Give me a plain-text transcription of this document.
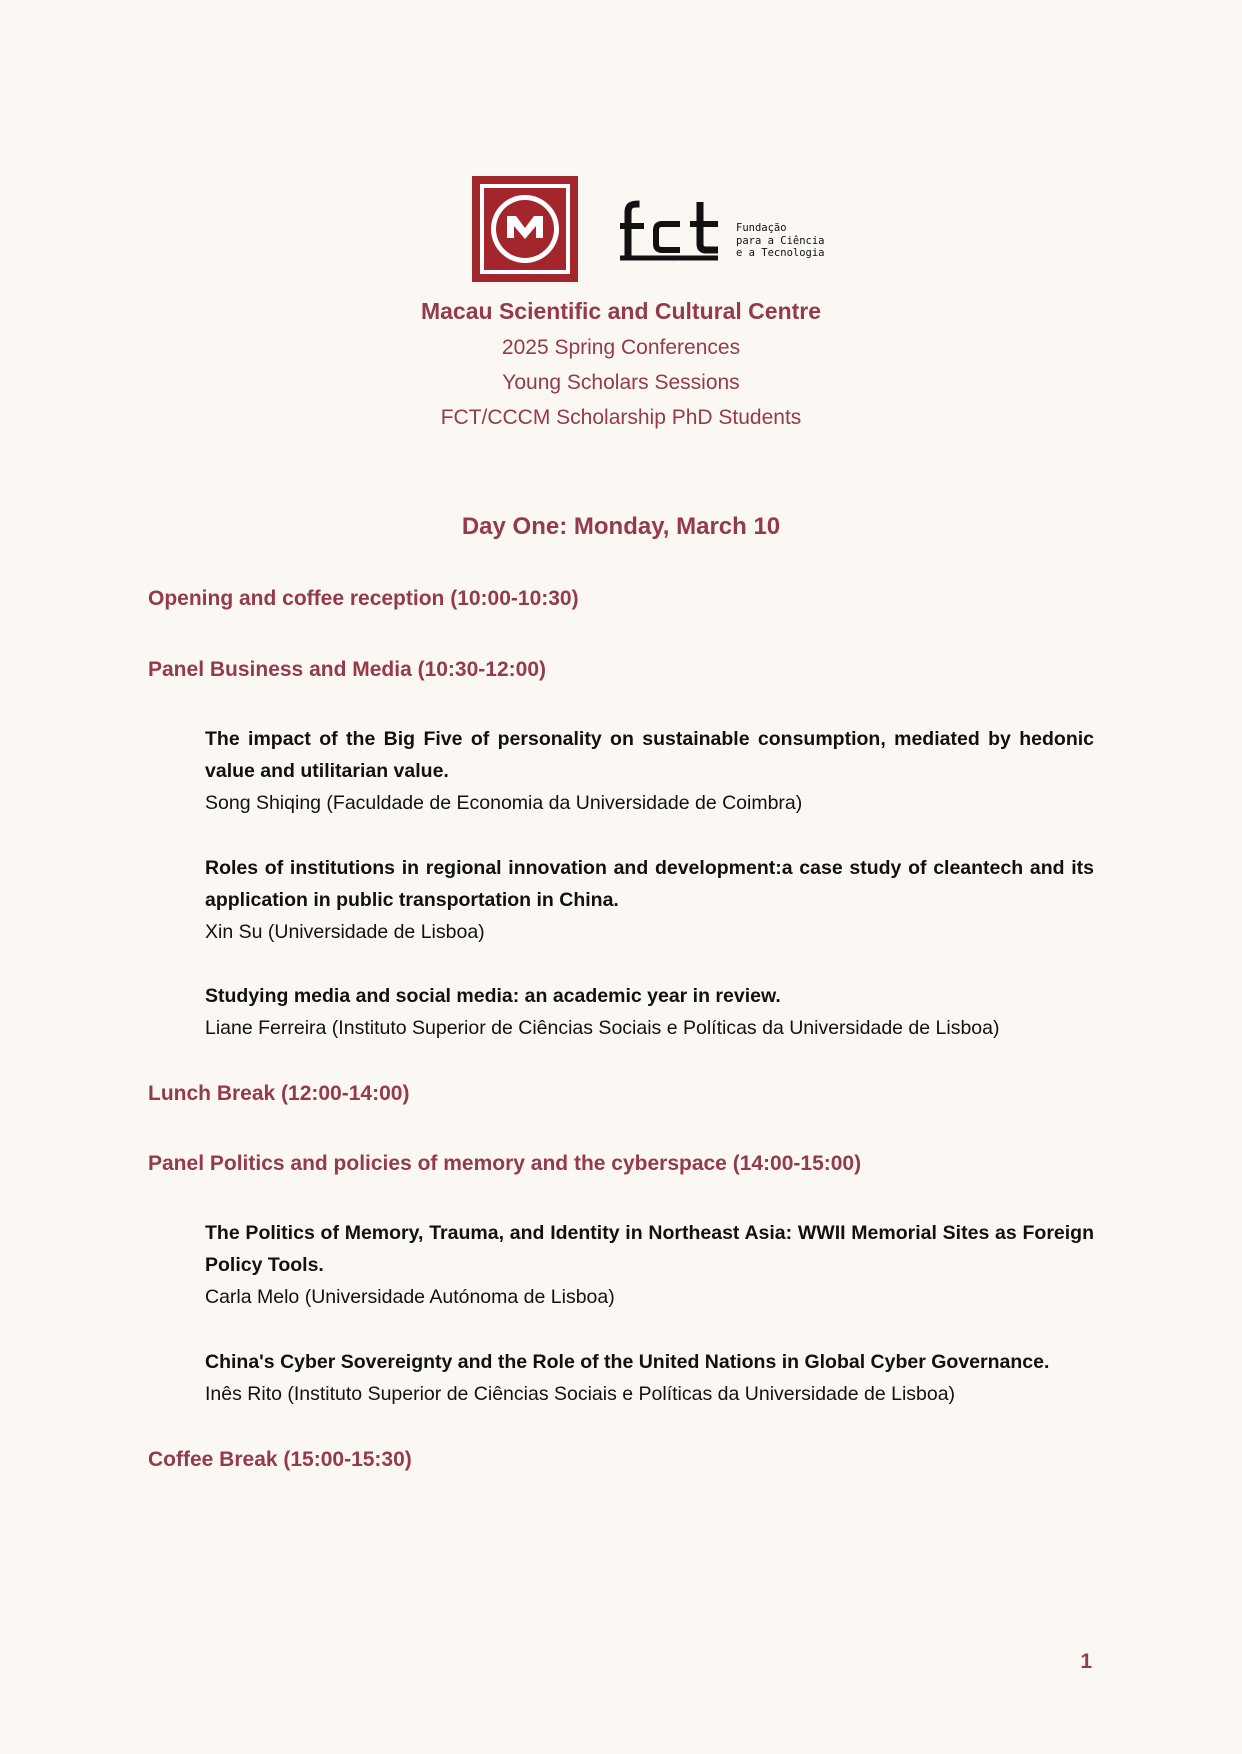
M
fct
Fundação
para a Ciência
e a Tecnologia
Macau Scientific and Cultural Centre
2025 Spring Conferences
Young Scholars Sessions
FCT/CCCM Scholarship PhD Students
Day One: Monday, March 10
Opening and coffee reception (10:00-10:30)
Panel Business and Media (10:30-12:00)
The impact of the Big Five of personality on sustainable consumption, mediated by hedonic value and utilitarian value.
Song Shiqing (Faculdade de Economia da Universidade de Coimbra)
Roles of institutions in regional innovation and development:a case study of cleantech and its application in public transportation in China.
Xin Su (Universidade de Lisboa)
Studying media and social media: an academic year in review.
Liane Ferreira (Instituto Superior de Ciências Sociais e Políticas da Universidade de Lisboa)
Lunch Break (12:00-14:00)
Panel Politics and policies of memory and the cyberspace (14:00-15:00)
The Politics of Memory, Trauma, and Identity in Northeast Asia: WWII Memorial Sites as Foreign Policy Tools.
Carla Melo (Universidade Autónoma de Lisboa)
China's Cyber Sovereignty and the Role of the United Nations in Global Cyber Governance.
Inês Rito (Instituto Superior de Ciências Sociais e Políticas da Universidade de Lisboa)
Coffee Break (15:00-15:30)
1
